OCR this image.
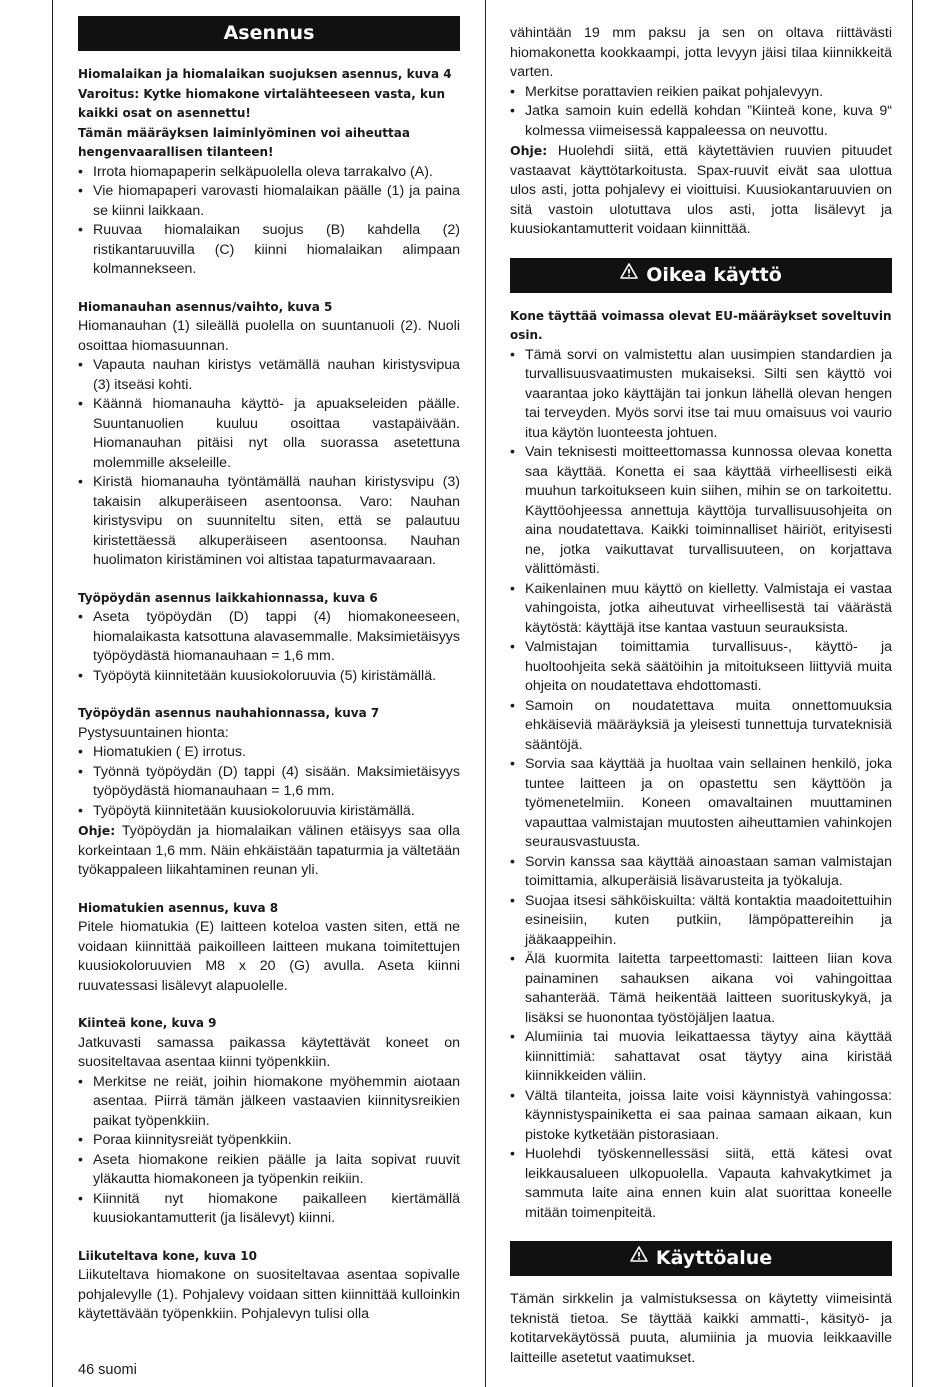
Asennus
Hiomalaikan ja hiomalaikan suojuksen asennus, kuva 4
Varoitus: Kytke hiomakone virtalähteeseen vasta, kun kaikki osat on asennettu!
Tämän määräyksen laiminlyöminen voi aiheuttaa hengenvaarallisen tilanteen!
• Irrota hiomapaperin selkäpuolella oleva tarrakalvo (A).
• Vie hiomapaperi varovasti hiomalaikan päälle (1) ja paina se kiinni laikkaan.
• Ruuvaa hiomalaikan suojus (B) kahdella (2) ristikantaruuvilla (C) kiinni hiomalaikan alimpaan kolmannekseen.
Hiomanauhan asennus/vaihto, kuva 5

Hiomanauhan (1) sileällä puolella on suuntanuoli (2). Nuoli osoittaa hiomasuunnan.

• Vapauta nauhan kiristys vetämällä nauhan kiristysvipua (3) itseäsi kohti.
• Käännä hiomanauha käyttö- ja apuakseleiden päälle. Suuntanuolien kuuluu osoittaa vastapäivään. Hiomanauhan pitäisi nyt olla suorassa asetettuna molemmille akseleille.
• Kiristä hiomanauha työntämällä nauhan kiristysvipu (3) takaisin alkuperäiseen asentoonsa. Varo: Nauhan kiristysvipu on suunniteltu siten, että se palautuu kiristettäessä alkuperäiseen asentoonsa. Nauhan huolimaton kiristäminen voi altistaa tapaturmavaaraan.
Työpöydän asennus laikkahionnassa, kuva 6
• Aseta työpöydän (D) tappi (4) hiomakoneeseen, hiomalaikasta katsottuna alavasemmalle. Maksimietäisyys työpöydästä hiomanauhaan = 1,6 mm.
• Työpöytä kiinnitetään kuusiokoloruuvia (5) kiristämällä.
Työpöydän asennus nauhahionnassa, kuva 7

Pystysuuntainen hionta:

• Hiomatukien ( E) irrotus.
• Työnnä työpöydän (D) tappi (4) sisään. Maksimietäisyys työpöydästä hiomanauhaan = 1,6 mm.
• Työpöytä kiinnitetään kuusiokoloruuvia kiristämällä.

Ohje: Työpöydän ja hiomalaikan välinen etäisyys saa olla korkeintaan 1,6 mm. Näin ehkäistään tapaturmia ja vältetään työkappaleen liikahtaminen reunan yli.

Hiomatukien asennus, kuva 8

Pitele hiomatukia (E) laitteen koteloa vasten siten, että ne voidaan kiinnittää paikoilleen laitteen mukana toimitettujen kuusiokoloruuvien M8 x 20 (G) avulla. Aseta kiinni ruuvatessasi lisälevyt alapuolelle.

Kiinteä kone, kuva 9

Jatkuvasti samassa paikassa käytettävät koneet on suositeltavaa asentaa kiinni työpenkkiin.

• Merkitse ne reiät, joihin hiomakone myöhemmin aiotaan asentaa. Piirrä tämän jälkeen vastaavien kiinnitysreikien paikat työpenkkiin.
• Poraa kiinnitysreiät työpenkkiin.
• Aseta hiomakone reikien päälle ja laita sopivat ruuvit yläkautta hiomakoneen ja työpenkin reikiin.
• Kiinnitä nyt hiomakone paikalleen kiertämällä kuusiokantamutterit (ja lisälevyt) kiinni.
Liikuteltava kone, kuva 10

Liikuteltava hiomakone on suositeltavaa asentaa sopivalle pohjalevylle (1). Pohjalevy voidaan sitten kiinnittää kulloinkin käytettävään työpenkkiin. Pohjalevyn tulisi olla

vähintään 19 mm paksu ja sen on oltava riittävästi hiomakonetta kookkaampi, jotta levyyn jäisi tilaa kiinnikkeitä varten.

• Merkitse porattavien reikien paikat pohjalevyyn.
• Jatka samoin kuin edellä kohdan ”Kiinteä kone, kuva 9“ kolmessa viimeisessä kappaleessa on neuvottu.

Ohje: Huolehdi siitä, että käytettävien ruuvien pituudet vastaavat käyttötarkoitusta. Spax-ruuvit eivät saa ulottua ulos asti, jotta pohjalevy ei vioittuisi. Kuusiokantaruuvien on sitä vastoin ulotuttava ulos asti, jotta lisälevyt ja kuusiokantamutterit voidaan kiinnittää.

Oikea käyttö
Kone täyttää voimassa olevat EU-määräykset soveltuvin osin.
• Tämä sorvi on valmistettu alan uusimpien standardien ja turvallisuusvaatimusten mukaiseksi. Silti sen käyttö voi vaarantaa joko käyttäjän tai jonkun lähellä olevan hengen tai terveyden. Myös sorvi itse tai muu omaisuus voi vaurio itua käytön luonteesta johtuen.
• Vain teknisesti moitteettomassa kunnossa olevaa konetta saa käyttää. Konetta ei saa käyttää virheellisesti eikä muuhun tarkoitukseen kuin siihen, mihin se on tarkoitettu. Käyttöohjeessa annettuja käyttöja turvallisuusohjeita on aina noudatettava. Kaikki toiminnalliset häiriöt, erityisesti ne, jotka vaikuttavat turvallisuuteen, on korjattava välittömästi.
• Kaikenlainen muu käyttö on kielletty. Valmistaja ei vastaa vahingoista, jotka aiheutuvat virheellisestä tai väärästä käytöstä: käyttäjä itse kantaa vastuun seurauksista.
• Valmistajan toimittamia turvallisuus-, käyttö- ja huoltoohjeita sekä säätöihin ja mitoitukseen liittyviä muita ohjeita on noudatettava ehdottomasti.
• Samoin on noudatettava muita onnettomuuksia ehkäiseviä määräyksiä ja yleisesti tunnettuja turvateknisiä sääntöjä.
• Sorvia saa käyttää ja huoltaa vain sellainen henkilö, joka tuntee laitteen ja on opastettu sen käyttöön ja työmenetelmiin. Koneen omavaltainen muuttaminen vapauttaa valmistajan muutosten aiheuttamien vahinkojen seurausvastuusta.
• Sorvin kanssa saa käyttää ainoastaan saman valmistajan toimittamia, alkuperäisiä lisävarusteita ja työkaluja.
• Suojaa itsesi sähköiskuilta: vältä kontaktia maadoitettuihin esineisiin, kuten putkiin, lämpöpattereihin ja jääkaappeihin.
• Älä kuormita laitetta tarpeettomasti: laitteen liian kova painaminen sahauksen aikana voi vahingoittaa sahanterää. Tämä heikentää laitteen suorituskykyä, ja lisäksi se huonontaa työstöjäljen laatua.
• Alumiinia tai muovia leikattaessa täytyy aina käyttää kiinnittimiä: sahattavat osat täytyy aina kiristää kiinnikkeiden väliin.
• Vältä tilanteita, joissa laite voisi käynnistyä vahingossa: käynnistyspainiketta ei saa painaa samaan aikaan, kun pistoke kytketään pistorasiaan.
• Huolehdi työskennellessäsi siitä, että kätesi ovat leikkausalueen ulkopuolella. Vapauta kahvakytkimet ja sammuta laite aina ennen kuin alat suorittaa koneelle mitään toimenpiteitä.
Käyttöalue

Tämän sirkkelin ja valmistuksessa on käytetty viimeisintä teknistä tietoa. Se täyttää kaikki ammatti-, käsityö- ja kotitarvekäytössä puuta, alumiinia ja muovia leikkaaville laitteille asetetut vaatimukset.

46 suomi
